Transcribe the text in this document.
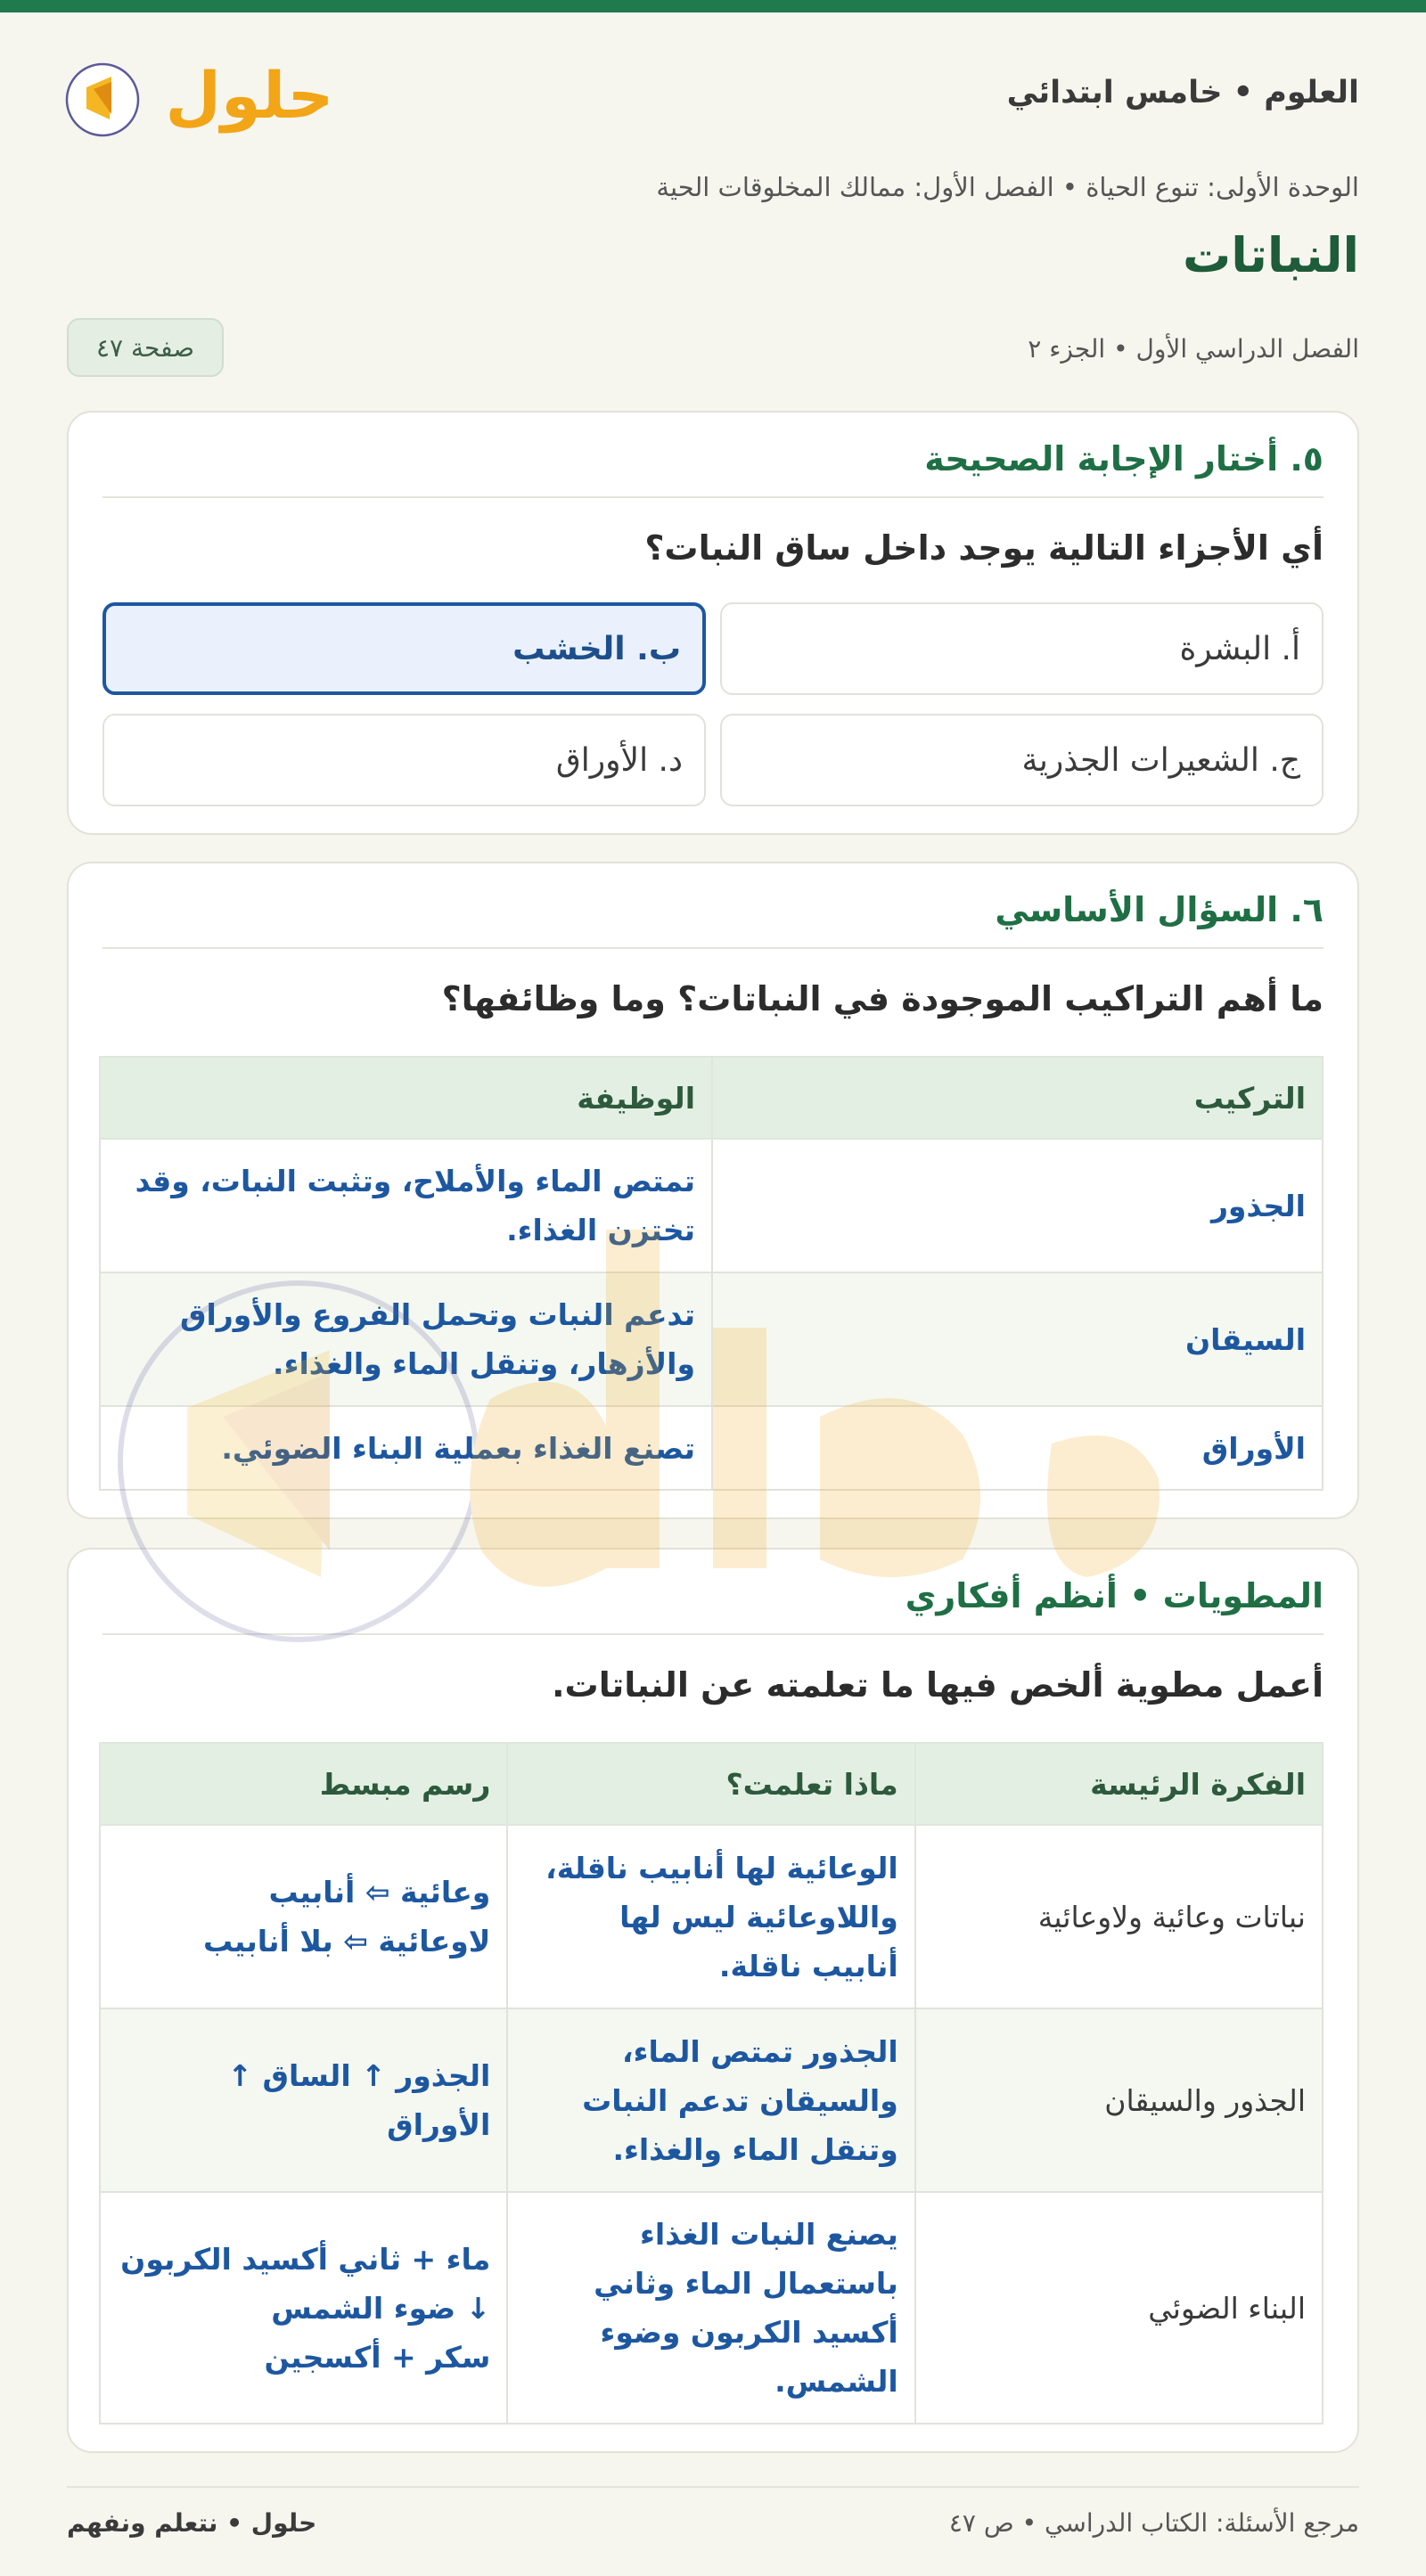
العلوم • خامس ابتدائي
حلول
الوحدة الأولى: تنوع الحياة • الفصل الأول: ممالك المخلوقات الحية
النباتات
الفصل الدراسي الأول • الجزء ٢
صفحة ٤٧
٥. أختار الإجابة الصحيحة
أي الأجزاء التالية يوجد داخل ساق النبات؟
أ. البشرة
ب. الخشب
ج. الشعيرات الجذرية
د. الأوراق
٦. السؤال الأساسي
ما أهم التراكيب الموجودة في النباتات؟ وما وظائفها؟
التركيب	الوظيفة
الجذور	تمتص الماء والأملاح، وتثبت النبات، وقد تختزن الغذاء.
السيقان	تدعم النبات وتحمل الفروع والأوراق والأزهار، وتنقل الماء والغذاء.
الأوراق	تصنع الغذاء بعملية البناء الضوئي.
المطويات • أنظم أفكاري
أعمل مطوية ألخص فيها ما تعلمته عن النباتات.
الفكرة الرئيسة	ماذا تعلمت؟	رسم مبسط
نباتات وعائية ولاوعائية	الوعائية لها أنابيب ناقلة، واللاوعائية ليس لها أنابيب ناقلة.	وعائية ⇦ أنابيب
لاوعائية ⇦ بلا أنابيب

الجذور والسيقان	الجذور تمتص الماء، والسيقان تدعم النبات وتنقل الماء والغذاء.	الجذور ↑ الساق ↑ الأوراق

البناء الضوئي	يصنع النبات الغذاء باستعمال الماء وثاني أكسيد الكربون وضوء الشمس.	ماء + ثاني أكسيد الكربون
↓ ضوء الشمس
سكر + أكسجين
حلول • نتعلم ونفهم	مرجع الأسئلة: الكتاب الدراسي • ص ٤٧
